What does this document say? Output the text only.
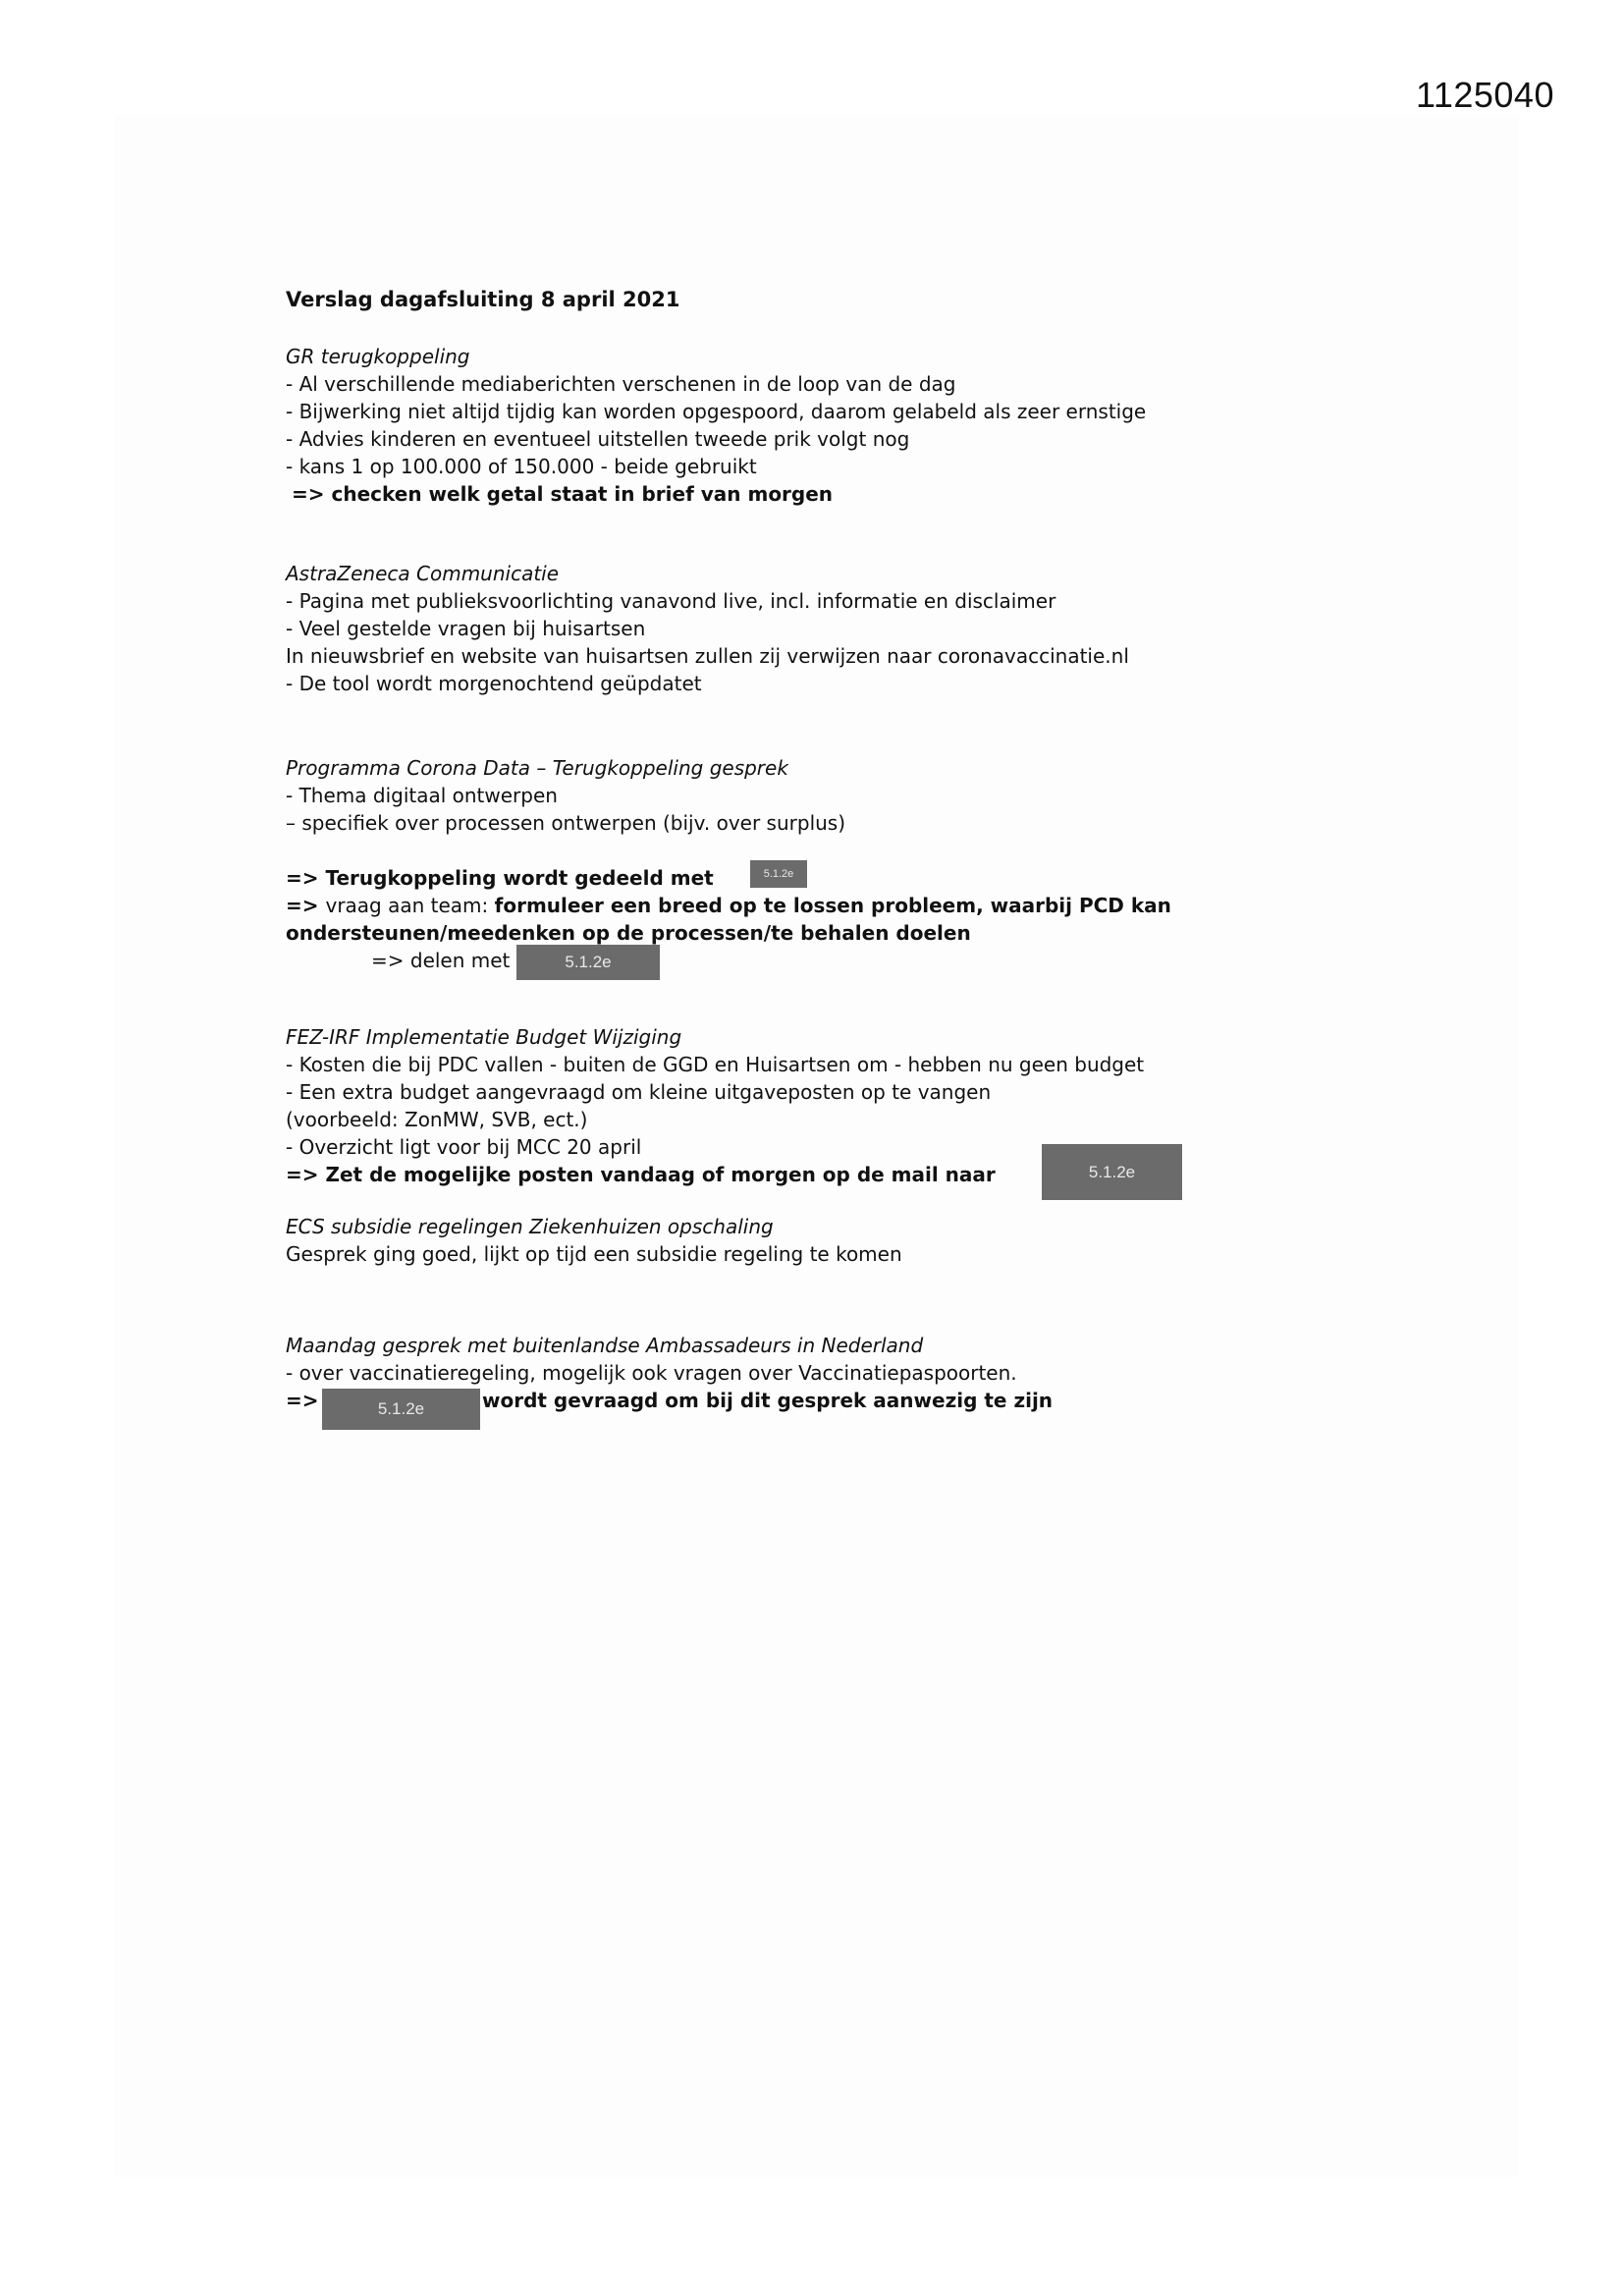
1125040
Verslag dagafsluiting 8 april 2021
GR terugkoppeling
- Al verschillende mediaberichten verschenen in de loop van de dag
- Bijwerking niet altijd tijdig kan worden opgespoord, daarom gelabeld als zeer ernstige
- Advies kinderen en eventueel uitstellen tweede prik volgt nog
- kans 1 op 100.000 of 150.000 - beide gebruikt
=> checken welk getal staat in brief van morgen
AstraZeneca Communicatie
- Pagina met publieksvoorlichting vanavond live, incl. informatie en disclaimer
- Veel gestelde vragen bij huisartsen
In nieuwsbrief en website van huisartsen zullen zij verwijzen naar coronavaccinatie.nl
- De tool wordt morgenochtend geüpdatet
Programma Corona Data – Terugkoppeling gesprek
- Thema digitaal ontwerpen
– specifiek over processen ontwerpen (bijv. over surplus)
=> Terugkoppeling wordt gedeeld met	5.1.2e
=> vraag aan team: formuleer een breed op te lossen probleem, waarbij PCD kan
ondersteunen/meedenken op de processen/te behalen doelen
=> delen met	5.1.2e
FEZ-IRF Implementatie Budget Wijziging
- Kosten die bij PDC vallen - buiten de GGD en Huisartsen om - hebben nu geen budget
- Een extra budget aangevraagd om kleine uitgaveposten op te vangen
(voorbeeld: ZonMW, SVB, ect.)
- Overzicht ligt voor bij MCC 20 april
=> Zet de mogelijke posten vandaag of morgen op de mail naar	5.1.2e
ECS subsidie regelingen Ziekenhuizen opschaling
Gesprek ging goed, lijkt op tijd een subsidie regeling te komen
Maandag gesprek met buitenlandse Ambassadeurs in Nederland
- over vaccinatieregeling, mogelijk ook vragen over Vaccinatiepaspoorten.
=>	5.1.2e	wordt gevraagd om bij dit gesprek aanwezig te zijn
